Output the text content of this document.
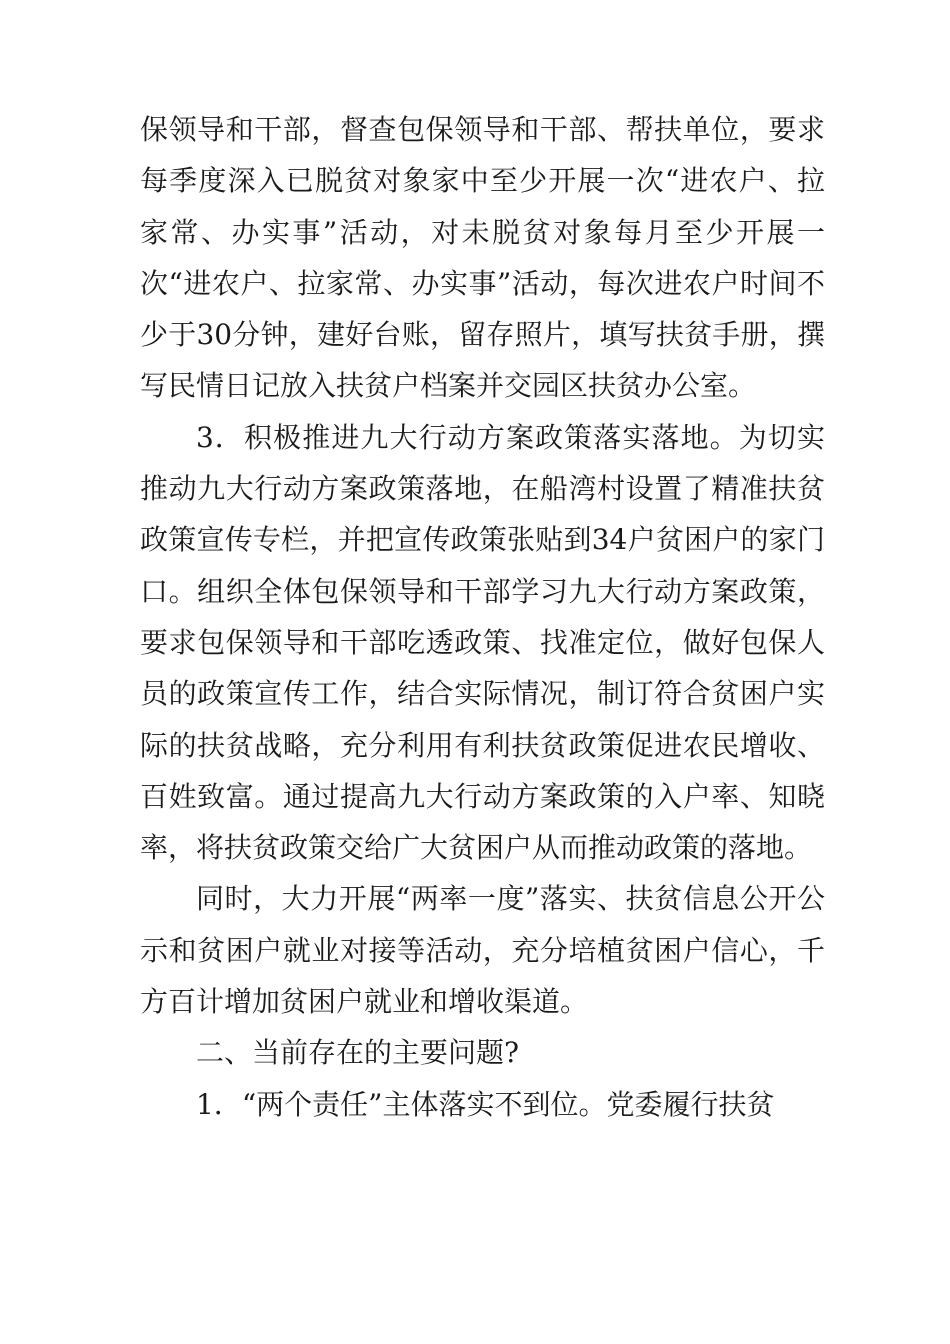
保领导和干部，督查包保领导和干部、帮扶单位，要求每季度深入已脱贫对象家中至少开展一次“进农户、拉家常、办实事”活动，对未脱贫对象每月至少开展一次“进农户、拉家常、办实事”活动，每次进农户时间不少于30分钟，建好台账，留存照片，填写扶贫手册，撰写民情日记放入扶贫户档案并交园区扶贫办公室。

3．积极推进九大行动方案政策落实落地。为切实推动九大行动方案政策落地，在船湾村设置了精准扶贫政策宣传专栏，并把宣传政策张贴到34户贫困户的家门口。组织全体包保领导和干部学习九大行动方案政策，要求包保领导和干部吃透政策、找准定位，做好包保人员的政策宣传工作，结合实际情况，制订符合贫困户实际的扶贫战略，充分利用有利扶贫政策促进农民增收、百姓致富。通过提高九大行动方案政策的入户率、知晓率，将扶贫政策交给广大贫困户从而推动政策的落地。

同时，大力开展“两率一度”落实、扶贫信息公开公示和贫困户就业对接等活动，充分培植贫困户信心，千方百计增加贫困户就业和增收渠道。

二、当前存在的主要问题?

1．“两个责任”主体落实不到位。党委履行扶贫
